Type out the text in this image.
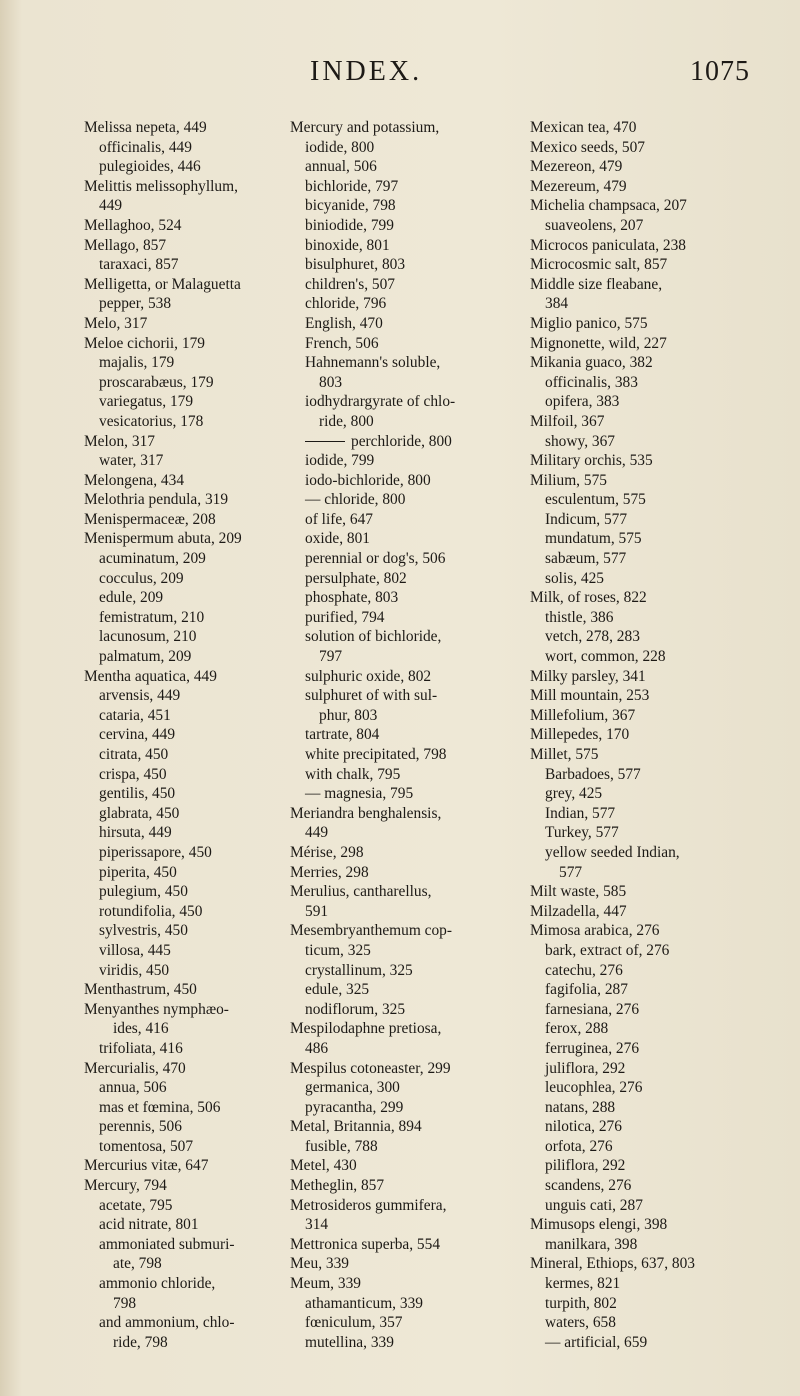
INDEX.	1075
Melissa nepeta, 449
officinalis, 449
pulegioides, 446
Melittis melissophyllum,
449
Mellaghoo, 524
Mellago, 857
taraxaci, 857
Melligetta, or Malaguetta
pepper, 538
Melo, 317
Meloe cichorii, 179
majalis, 179
proscarabæus, 179
variegatus, 179
vesicatorius, 178
Melon, 317
water, 317
Melongena, 434
Melothria pendula, 319
Menispermaceæ, 208
Menispermum abuta, 209
acuminatum, 209
cocculus, 209
edule, 209
femistratum, 210
lacunosum, 210
palmatum, 209
Mentha aquatica, 449
arvensis, 449
cataria, 451
cervina, 449
citrata, 450
crispa, 450
gentilis, 450
glabrata, 450
hirsuta, 449
piperissapore, 450
piperita, 450
pulegium, 450
rotundifolia, 450
sylvestris, 450
villosa, 445
viridis, 450
Menthastrum, 450
Menyanthes nymphæo-
ides, 416
trifoliata, 416
Mercurialis, 470
annua, 506
mas et fœmina, 506
perennis, 506
tomentosa, 507
Mercurius vitæ, 647
Mercury, 794
acetate, 795
acid nitrate, 801
ammoniated submuri-
ate, 798
ammonio chloride,
798
and ammonium, chlo-
ride, 798
Mercury and potassium,
iodide, 800
annual, 506
bichloride, 797
bicyanide, 798
biniodide, 799
binoxide, 801
bisulphuret, 803
children's, 507
chloride, 796
English, 470
French, 506
Hahnemann's soluble,
803
iodhydrargyrate of chlo-
ride, 800
perchloride, 800
iodide, 799
iodo-bichloride, 800
— chloride, 800
of life, 647
oxide, 801
perennial or dog's, 506
persulphate, 802
phosphate, 803
purified, 794
solution of bichloride,
797
sulphuric oxide, 802
sulphuret of with sul-
phur, 803
tartrate, 804
white precipitated, 798
with chalk, 795
— magnesia, 795
Meriandra benghalensis,
449
Mérise, 298
Merries, 298
Merulius, cantharellus,
591
Mesembryanthemum cop-
ticum, 325
crystallinum, 325
edule, 325
nodiflorum, 325
Mespilodaphne pretiosa,
486
Mespilus cotoneaster, 299
germanica, 300
pyracantha, 299
Metal, Britannia, 894
fusible, 788
Metel, 430
Metheglin, 857
Metrosideros gummifera,
314
Mettronica superba, 554
Meu, 339
Meum, 339
athamanticum, 339
fœniculum, 357
mutellina, 339
Mexican tea, 470
Mexico seeds, 507
Mezereon, 479
Mezereum, 479
Michelia champsaca, 207
suaveolens, 207
Microcos paniculata, 238
Microcosmic salt, 857
Middle size fleabane,
384
Miglio panico, 575
Mignonette, wild, 227
Mikania guaco, 382
officinalis, 383
opifera, 383
Milfoil, 367
showy, 367
Military orchis, 535
Milium, 575
esculentum, 575
Indicum, 577
mundatum, 575
sabæum, 577
solis, 425
Milk, of roses, 822
thistle, 386
vetch, 278, 283
wort, common, 228
Milky parsley, 341
Mill mountain, 253
Millefolium, 367
Millepedes, 170
Millet, 575
Barbadoes, 577
grey, 425
Indian, 577
Turkey, 577
yellow seeded Indian,
577
Milt waste, 585
Milzadella, 447
Mimosa arabica, 276
bark, extract of, 276
catechu, 276
fagifolia, 287
farnesiana, 276
ferox, 288
ferruginea, 276
juliflora, 292
leucophlea, 276
natans, 288
nilotica, 276
orfota, 276
piliflora, 292
scandens, 276
unguis cati, 287
Mimusops elengi, 398
manilkara, 398
Mineral, Ethiops, 637, 803
kermes, 821
turpith, 802
waters, 658
— artificial, 659
